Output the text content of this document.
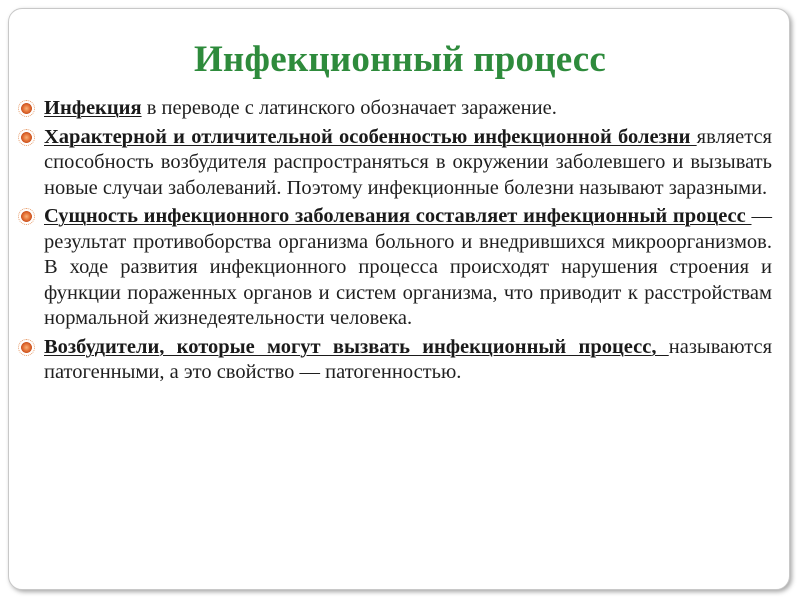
Инфекционный процесс
Инфекция в переводе с латинского обозначает заражение.
Характерной и отличительной особенностью инфекционной болезни является способность возбудителя распространяться в окружении заболевшего и вызывать новые случаи заболеваний. Поэтому инфекционные болезни называют заразными.
Сущность инфекционного заболевания составляет инфекционный процесс — результат противоборства организма больного и внедрившихся микроорганизмов. В ходе развития инфекционного процесса происходят нарушения строения и функции пораженных органов и систем организма, что приводит к расстройствам нормальной жизнедеятельности человека.
Возбудители, которые могут вызвать инфекционный процесс, называются патогенными, а это свойство — патогенностью.
